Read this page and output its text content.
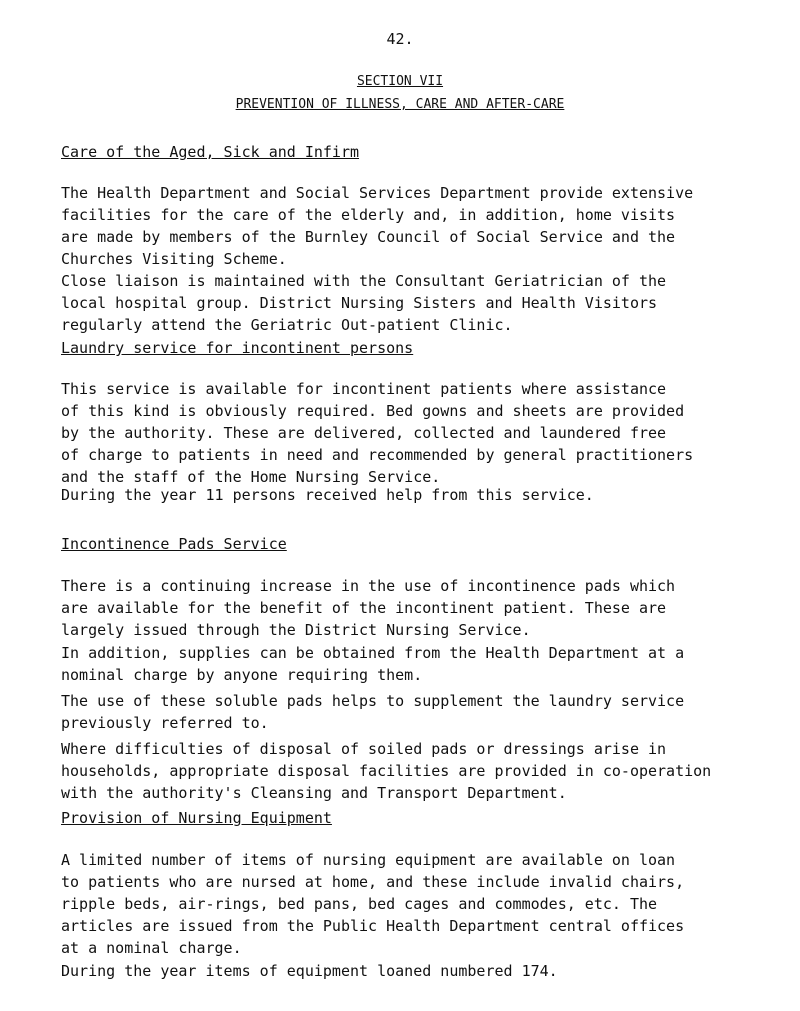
42.
SECTION VII
PREVENTION OF ILLNESS, CARE AND AFTER-CARE
Care of the Aged, Sick and Infirm
The Health Department and Social Services Department provide extensive
facilities for the care of the elderly and, in addition, home visits
are made by members of the Burnley Council of Social Service and the
Churches Visiting Scheme.
Close liaison is maintained with the Consultant Geriatrician of the
local hospital group. District Nursing Sisters and Health Visitors
regularly attend the Geriatric Out-patient Clinic.
Laundry service for incontinent persons
This service is available for incontinent patients where assistance
of this kind is obviously required. Bed gowns and sheets are provided
by the authority. These are delivered, collected and laundered free
of charge to patients in need and recommended by general practitioners
and the staff of the Home Nursing Service.
During the year 11 persons received help from this service.
Incontinence Pads Service
There is a continuing increase in the use of incontinence pads which
are available for the benefit of the incontinent patient. These are
largely issued through the District Nursing Service.
In addition, supplies can be obtained from the Health Department at a
nominal charge by anyone requiring them.
The use of these soluble pads helps to supplement the laundry service
previously referred to.
Where difficulties of disposal of soiled pads or dressings arise in
households, appropriate disposal facilities are provided in co-operation
with the authority's Cleansing and Transport Department.
Provision of Nursing Equipment
A limited number of items of nursing equipment are available on loan
to patients who are nursed at home, and these include invalid chairs,
ripple beds, air-rings, bed pans, bed cages and commodes, etc. The
articles are issued from the Public Health Department central offices
at a nominal charge.
During the year items of equipment loaned numbered 174.
